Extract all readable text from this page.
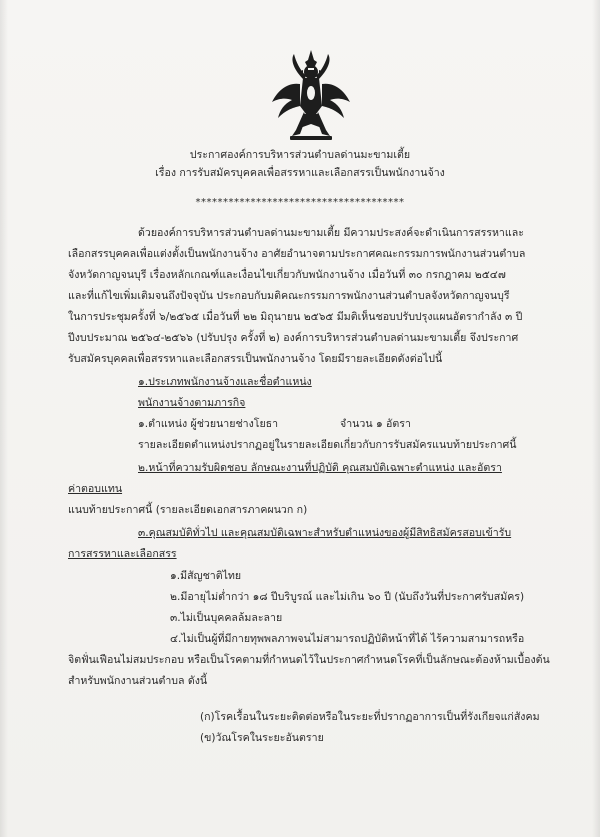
ประกาศองค์การบริหารส่วนตำบลด่านมะขามเตี้ย
เรื่อง การรับสมัครบุคคลเพื่อสรรหาและเลือกสรรเป็นพนักงานจ้าง
**************************************
ด้วยองค์การบริหารส่วนตำบลด่านมะขามเตี้ย มีความประสงค์จะดำเนินการสรรหาและ
เลือกสรรบุคคลเพื่อแต่งตั้งเป็นพนักงานจ้าง อาศัยอำนาจตามประกาศคณะกรรมการพนักงานส่วนตำบล
จังหวัดกาญจนบุรี เรื่องหลักเกณฑ์และเงื่อนไขเกี่ยวกับพนักงานจ้าง เมื่อวันที่ ๓๐ กรกฎาคม ๒๕๔๗
และที่แก้ไขเพิ่มเติมจนถึงปัจจุบัน ประกอบกับมติคณะกรรมการพนักงานส่วนตำบลจังหวัดกาญจนบุรี
ในการประชุมครั้งที่ ๖/๒๕๖๕ เมื่อวันที่ ๒๒ มิถุนายน ๒๕๖๕ มีมติเห็นชอบปรับปรุงแผนอัตรากำลัง ๓ ปี
ปีงบประมาณ ๒๕๖๔-๒๕๖๖ (ปรับปรุง ครั้งที่ ๒) องค์การบริหารส่วนตำบลด่านมะขามเตี้ย จึงประกาศ
รับสมัครบุคคลเพื่อสรรหาและเลือกสรรเป็นพนักงานจ้าง โดยมีรายละเอียดดังต่อไปนี้
๑.ประเภทพนักงานจ้างและชื่อตำแหน่ง
พนักงานจ้างตามภารกิจ
๑.ตำแหน่ง ผู้ช่วยนายช่างโยธา	จำนวน ๑ อัตรา
รายละเอียดตำแหน่งปรากฏอยู่ในรายละเอียดเกี่ยวกับการรับสมัครแนบท้ายประกาศนี้
๒.หน้าที่ความรับผิดชอบ ลักษณะงานที่ปฏิบัติ คุณสมบัติเฉพาะตำแหน่ง และอัตรา
ค่าตอบแทน
แนบท้ายประกาศนี้ (รายละเอียดเอกสารภาคผนวก ก)
๓.คุณสมบัติทั่วไป และคุณสมบัติเฉพาะสำหรับตำแหน่งของผู้มีสิทธิสมัครสอบเข้ารับ
การสรรหาและเลือกสรร
๑.มีสัญชาติไทย
๒.มีอายุไม่ต่ำกว่า ๑๘ ปีบริบูรณ์ และไม่เกิน ๖๐ ปี (นับถึงวันที่ประกาศรับสมัคร)
๓.ไม่เป็นบุคคลล้มละลาย
๔.ไม่เป็นผู้ที่มีกายทุพพลภาพจนไม่สามารถปฏิบัติหน้าที่ได้ ไร้ความสามารถหรือ
จิตฟั่นเฟือนไม่สมประกอบ หรือเป็นโรคตามที่กำหนดไว้ในประกาศกำหนดโรคที่เป็นลักษณะต้องห้ามเบื้องต้น
สำหรับพนักงานส่วนตำบล ดังนี้
(ก)โรคเรื้อนในระยะติดต่อหรือในระยะที่ปรากฏอาการเป็นที่รังเกียจแก่สังคม
(ข)วัณโรคในระยะอันตราย
